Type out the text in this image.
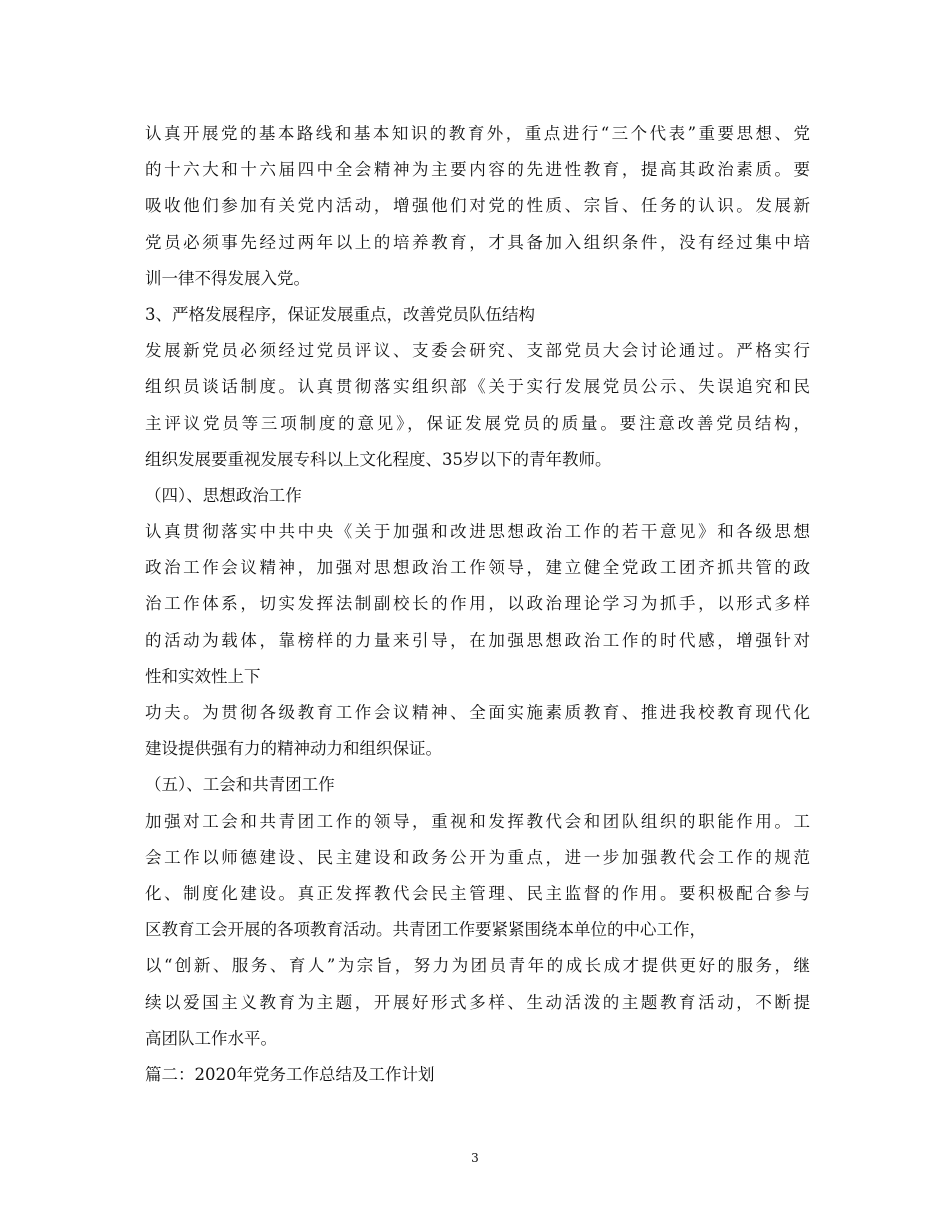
认真开展党的基本路线和基本知识的教育外，重点进行“三个代表”重要思想、党
的十六大和十六届四中全会精神为主要内容的先进性教育，提高其政治素质。要
吸收他们参加有关党内活动，增强他们对党的性质、宗旨、任务的认识。发展新
党员必须事先经过两年以上的培养教育，才具备加入组织条件，没有经过集中培
训一律不得发展入党。
3、严格发展程序，保证发展重点，改善党员队伍结构
发展新党员必须经过党员评议、支委会研究、支部党员大会讨论通过。严格实行
组织员谈话制度。认真贯彻落实组织部《关于实行发展党员公示、失误追究和民
主评议党员等三项制度的意见》，保证发展党员的质量。要注意改善党员结构，
组织发展要重视发展专科以上文化程度、35岁以下的青年教师。
（四）、思想政治工作
认真贯彻落实中共中央《关于加强和改进思想政治工作的若干意见》和各级思想
政治工作会议精神，加强对思想政治工作领导，建立健全党政工团齐抓共管的政
治工作体系，切实发挥法制副校长的作用，以政治理论学习为抓手，以形式多样
的活动为载体，靠榜样的力量来引导，在加强思想政治工作的时代感，增强针对
性和实效性上下
功夫。为贯彻各级教育工作会议精神、全面实施素质教育、推进我校教育现代化
建设提供强有力的精神动力和组织保证。
（五）、工会和共青团工作
加强对工会和共青团工作的领导，重视和发挥教代会和团队组织的职能作用。工
会工作以师德建设、民主建设和政务公开为重点，进一步加强教代会工作的规范
化、制度化建设。真正发挥教代会民主管理、民主监督的作用。要积极配合参与
区教育工会开展的各项教育活动。共青团工作要紧紧围绕本单位的中心工作，
以“创新、服务、育人”为宗旨，努力为团员青年的成长成才提供更好的服务，继
续以爱国主义教育为主题，开展好形式多样、生动活泼的主题教育活动，不断提
高团队工作水平。
篇二：2020年党务工作总结及工作计划
3
